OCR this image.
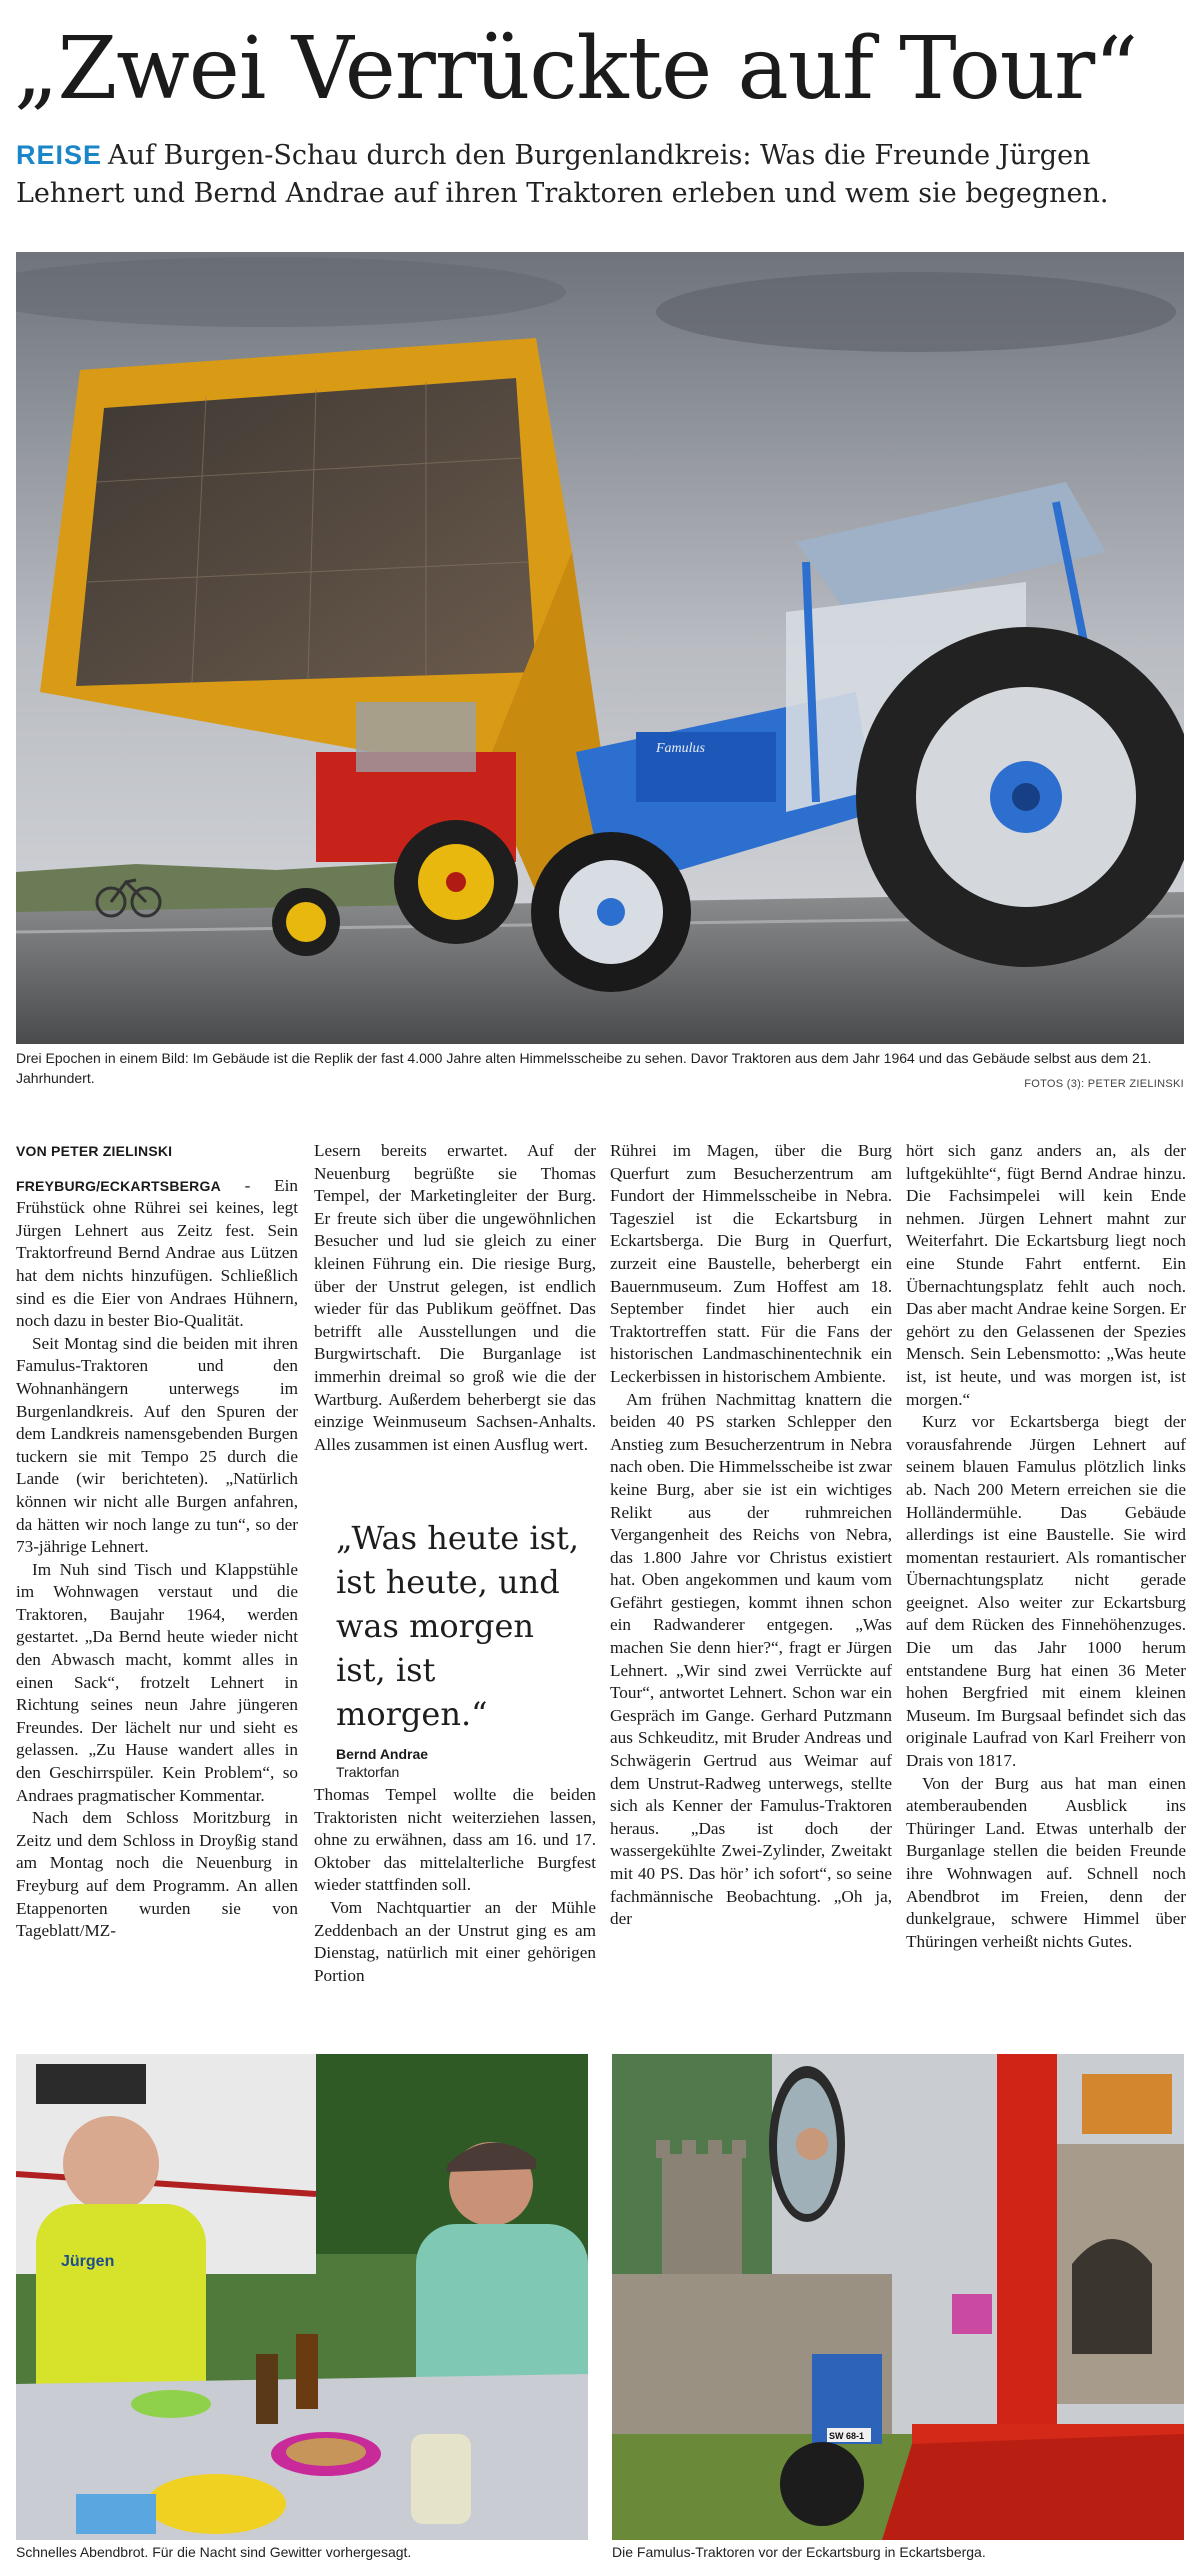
„Zwei Verrückte auf Tour“
REISE Auf Burgen-Schau durch den Burgenlandkreis: Was die Freunde Jürgen Lehnert und Bernd Andrae auf ihren Traktoren erleben und wem sie begegnen.
Famulus
Drei Epochen in einem Bild: Im Gebäude ist die Replik der fast 4.000 Jahre alten Himmelsscheibe zu sehen. Davor Traktoren aus dem Jahr 1964 und das Gebäude selbst aus dem 21. Jahrhundert.	FOTOS (3): PETER ZIELINSKI
VON PETER ZIELINSKI

FREYBURG/ECKARTSBERGA - Ein Frühstück ohne Rührei sei keines, legt Jürgen Lehnert aus Zeitz fest. Sein Traktorfreund Bernd Andrae aus Lützen hat dem nichts hinzufügen. Schließlich sind es die Eier von Andraes Hühnern, noch dazu in bester Bio-Qualität.

Seit Montag sind die beiden mit ihren Famulus-Traktoren und den Wohnanhängern unterwegs im Burgenlandkreis. Auf den Spuren der dem Landkreis namensgebenden Burgen tuckern sie mit Tempo 25 durch die Lande (wir berichteten). „Natürlich können wir nicht alle Burgen anfahren, da hätten wir noch lange zu tun“, so der 73-jährige Lehnert.

Im Nuh sind Tisch und Klappstühle im Wohnwagen verstaut und die Traktoren, Baujahr 1964, werden gestartet. „Da Bernd heute wieder nicht den Abwasch macht, kommt alles in einen Sack“, frotzelt Lehnert in Richtung seines neun Jahre jüngeren Freundes. Der lächelt nur und sieht es gelassen. „Zu Hause wandert alles in den Geschirrspüler. Kein Problem“, so Andraes pragmatischer Kommentar.

Nach dem Schloss Moritzburg in Zeitz und dem Schloss in Droyßig stand am Montag noch die Neuenburg in Freyburg auf dem Programm. An allen Etappenorten wurden sie von Tageblatt/MZ-

Lesern bereits erwartet. Auf der Neuenburg begrüßte sie Thomas Tempel, der Marketingleiter der Burg. Er freute sich über die ungewöhnlichen Besucher und lud sie gleich zu einer kleinen Führung ein. Die riesige Burg, über der Unstrut gelegen, ist endlich wieder für das Publikum geöffnet. Das betrifft alle Ausstellungen und die Burgwirtschaft. Die Burganlage ist immerhin dreimal so groß wie die der Wartburg. Außerdem beherbergt sie das einzige Weinmuseum Sachsen-Anhalts. Alles zusammen ist einen Ausflug wert.

„Was heute ist, ist heute, und was morgen ist, ist morgen.“
Bernd Andrae
Traktorfan

Thomas Tempel wollte die beiden Traktoristen nicht weiterziehen lassen, ohne zu erwähnen, dass am 16. und 17. Oktober das mittelalterliche Burgfest wieder stattfinden soll.

Vom Nachtquartier an der Mühle Zeddenbach an der Unstrut ging es am Dienstag, natürlich mit einer gehörigen Portion

Rührei im Magen, über die Burg Querfurt zum Besucherzentrum am Fundort der Himmelsscheibe in Nebra. Tagesziel ist die Eckartsburg in Eckartsberga. Die Burg in Querfurt, zurzeit eine Baustelle, beherbergt ein Bauernmuseum. Zum Hoffest am 18. September findet hier auch ein Traktortreffen statt. Für die Fans der historischen Landmaschinentechnik ein Leckerbissen in historischem Ambiente.

Am frühen Nachmittag knattern die beiden 40 PS starken Schlepper den Anstieg zum Besucherzentrum in Nebra nach oben. Die Himmelsscheibe ist zwar keine Burg, aber sie ist ein wichtiges Relikt aus der ruhmreichen Vergangenheit des Reichs von Nebra, das 1.800 Jahre vor Christus existiert hat. Oben angekommen und kaum vom Gefährt gestiegen, kommt ihnen schon ein Radwanderer entgegen. „Was machen Sie denn hier?“, fragt er Jürgen Lehnert. „Wir sind zwei Verrückte auf Tour“, antwortet Lehnert. Schon war ein Gespräch im Gange. Gerhard Putzmann aus Schkeuditz, mit Bruder Andreas und Schwägerin Gertrud aus Weimar auf dem Unstrut-Radweg unterwegs, stellte sich als Kenner der Famulus-Traktoren heraus. „Das ist doch der wassergekühlte Zwei-Zylinder, Zweitakt mit 40 PS. Das hör’ ich sofort“, so seine fachmännische Beobachtung. „Oh ja, der

hört sich ganz anders an, als der luftgekühlte“, fügt Bernd Andrae hinzu. Die Fachsimpelei will kein Ende nehmen. Jürgen Lehnert mahnt zur Weiterfahrt. Die Eckartsburg liegt noch eine Stunde Fahrt entfernt. Ein Übernachtungsplatz fehlt auch noch. Das aber macht Andrae keine Sorgen. Er gehört zu den Gelassenen der Spezies Mensch. Sein Lebensmotto: „Was heute ist, ist heute, und was morgen ist, ist morgen.“

Kurz vor Eckartsberga biegt der vorausfahrende Jürgen Lehnert auf seinem blauen Famulus plötzlich links ab. Nach 200 Metern erreichen sie die Holländermühle. Das Gebäude allerdings ist eine Baustelle. Sie wird momentan restauriert. Als romantischer Übernachtungsplatz nicht gerade geeignet. Also weiter zur Eckartsburg auf dem Rücken des Finnehöhenzuges. Die um das Jahr 1000 herum entstandene Burg hat einen 36 Meter hohen Bergfried mit einem kleinen Museum. Im Burgsaal befindet sich das originale Laufrad von Karl Freiherr von Drais von 1817.

Von der Burg aus hat man einen atemberaubenden Ausblick ins Thüringer Land. Etwas unterhalb der Burganlage stellen die beiden Freunde ihre Wohnwagen auf. Schnell noch Abendbrot im Freien, denn der dunkelgraue, schwere Himmel über Thüringen verheißt nichts Gutes.

Jürgen
Schnelles Abendbrot. Für die Nacht sind Gewitter vorhergesagt.
SW 68-1
Die Famulus-Traktoren vor der Eckartsburg in Eckartsberga.
